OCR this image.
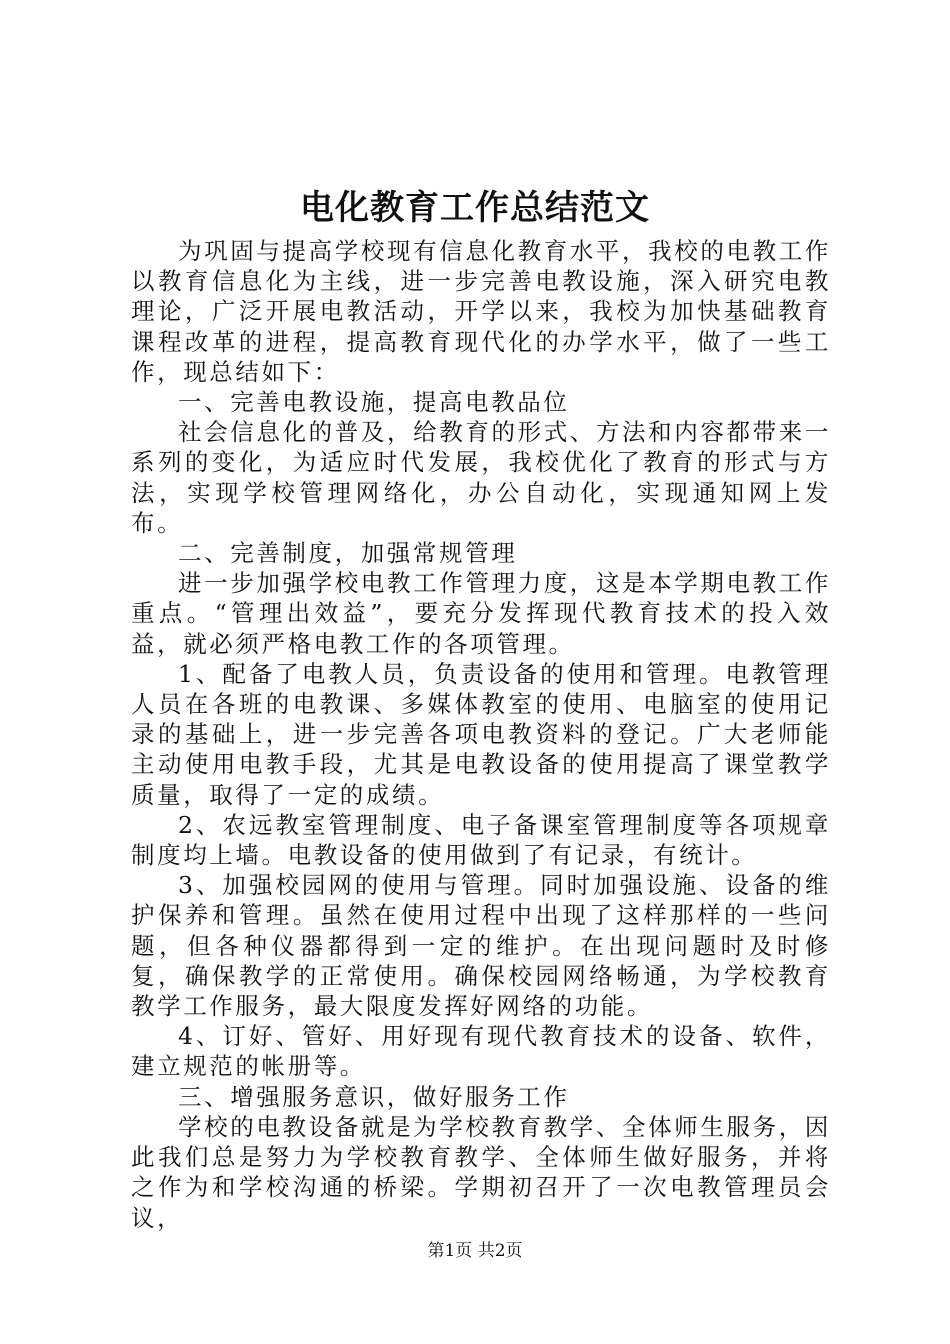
电化教育工作总结范文

为巩固与提高学校现有信息化教育水平，我校的电教工作以教育信息化为主线，进一步完善电教设施，深入研究电教理论，广泛开展电教活动，开学以来，我校为加快基础教育课程改革的进程，提高教育现代化的办学水平，做了一些工作，现总结如下：

一、完善电教设施，提高电教品位

社会信息化的普及，给教育的形式、方法和内容都带来一系列的变化，为适应时代发展，我校优化了教育的形式与方法，实现学校管理网络化，办公自动化，实现通知网上发布。

二、完善制度，加强常规管理

进一步加强学校电教工作管理力度，这是本学期电教工作重点。“管理出效益”，要充分发挥现代教育技术的投入效益，就必须严格电教工作的各项管理。

1、配备了电教人员，负责设备的使用和管理。电教管理人员在各班的电教课、多媒体教室的使用、电脑室的使用记录的基础上，进一步完善各项电教资料的登记。广大老师能主动使用电教手段，尤其是电教设备的使用提高了课堂教学质量，取得了一定的成绩。

2、农远教室管理制度、电子备课室管理制度等各项规章制度均上墙。电教设备的使用做到了有记录，有统计。

3、加强校园网的使用与管理。同时加强设施、设备的维护保养和管理。虽然在使用过程中出现了这样那样的一些问题，但各种仪器都得到一定的维护。在出现问题时及时修复，确保教学的正常使用。确保校园网络畅通，为学校教育教学工作服务，最大限度发挥好网络的功能。

4、订好、管好、用好现有现代教育技术的设备、软件，建立规范的帐册等。

三、增强服务意识，做好服务工作

学校的电教设备就是为学校教育教学、全体师生服务，因此我们总是努力为学校教育教学、全体师生做好服务，并将之作为和学校沟通的桥梁。学期初召开了一次电教管理员会议，

第1页 共2页
